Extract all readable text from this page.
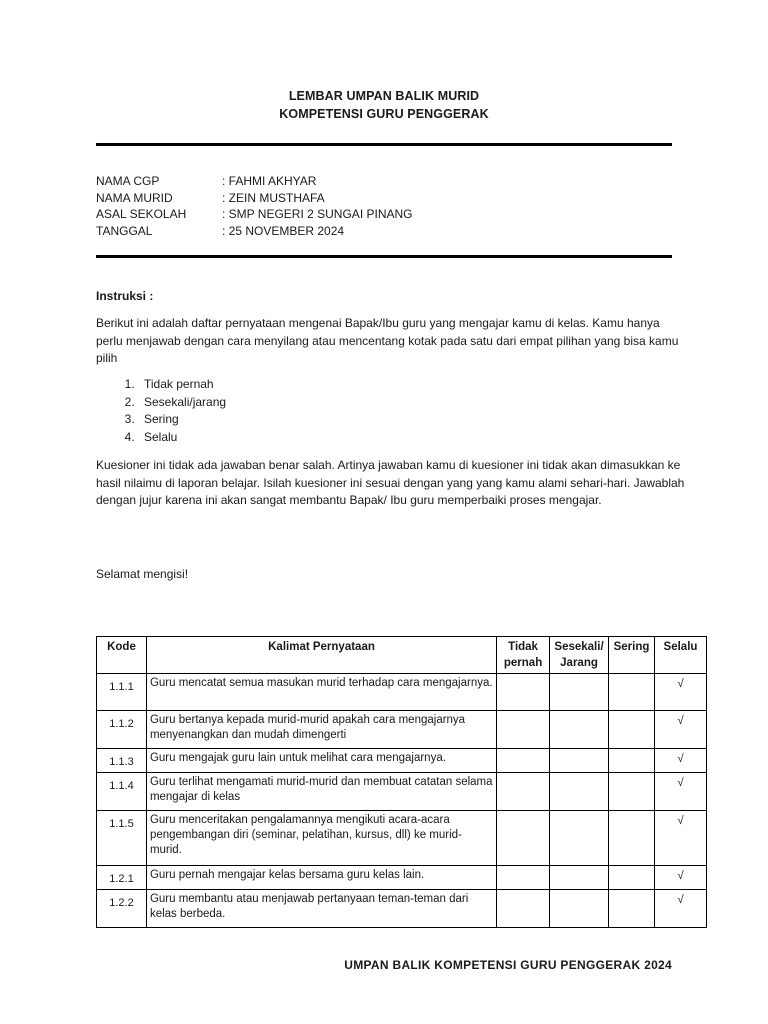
LEMBAR UMPAN BALIK MURID
KOMPETENSI GURU PENGGERAK
NAMA CGP	: FAHMI AKHYAR
NAMA MURID	: ZEIN MUSTHAFA
ASAL SEKOLAH	: SMP NEGERI 2 SUNGAI PINANG
TANGGAL	: 25 NOVEMBER 2024
Instruksi :
Berikut ini adalah daftar pernyataan mengenai Bapak/Ibu guru yang mengajar kamu di kelas. Kamu hanya perlu menjawab dengan cara menyilang atau mencentang kotak pada satu dari empat pilihan yang bisa kamu pilih
1. Tidak pernah
2. Sesekali/jarang
3. Sering
4. Selalu
Kuesioner ini tidak ada jawaban benar salah. Artinya jawaban kamu di kuesioner ini tidak akan dimasukkan ke hasil nilaimu di laporan belajar. Isilah kuesioner ini sesuai dengan yang yang kamu alami sehari-hari. Jawablah dengan jujur karena ini akan sangat membantu Bapak/ Ibu guru memperbaiki proses mengajar.
Selamat mengisi!
Kode	Kalimat Pernyataan	Tidak pernah	Sesekali/ Jarang	Sering	Selalu
1.1.1	Guru mencatat semua masukan murid terhadap cara mengajarnya.				√
1.1.2	Guru bertanya kepada murid-murid apakah cara mengajarnya menyenangkan dan mudah dimengerti				√
1.1.3	Guru mengajak guru lain untuk melihat cara mengajarnya.				√
1.1.4	Guru terlihat mengamati murid-murid dan membuat catatan selama mengajar di kelas				√
1.1.5	Guru menceritakan pengalamannya mengikuti acara-acara pengembangan diri (seminar, pelatihan, kursus, dll) ke murid-murid.				√
1.2.1	Guru pernah mengajar kelas bersama guru kelas lain.				√
1.2.2	Guru membantu atau menjawab pertanyaan teman-teman dari kelas berbeda.				√
UMPAN BALIK KOMPETENSI GURU PENGGERAK 2024
